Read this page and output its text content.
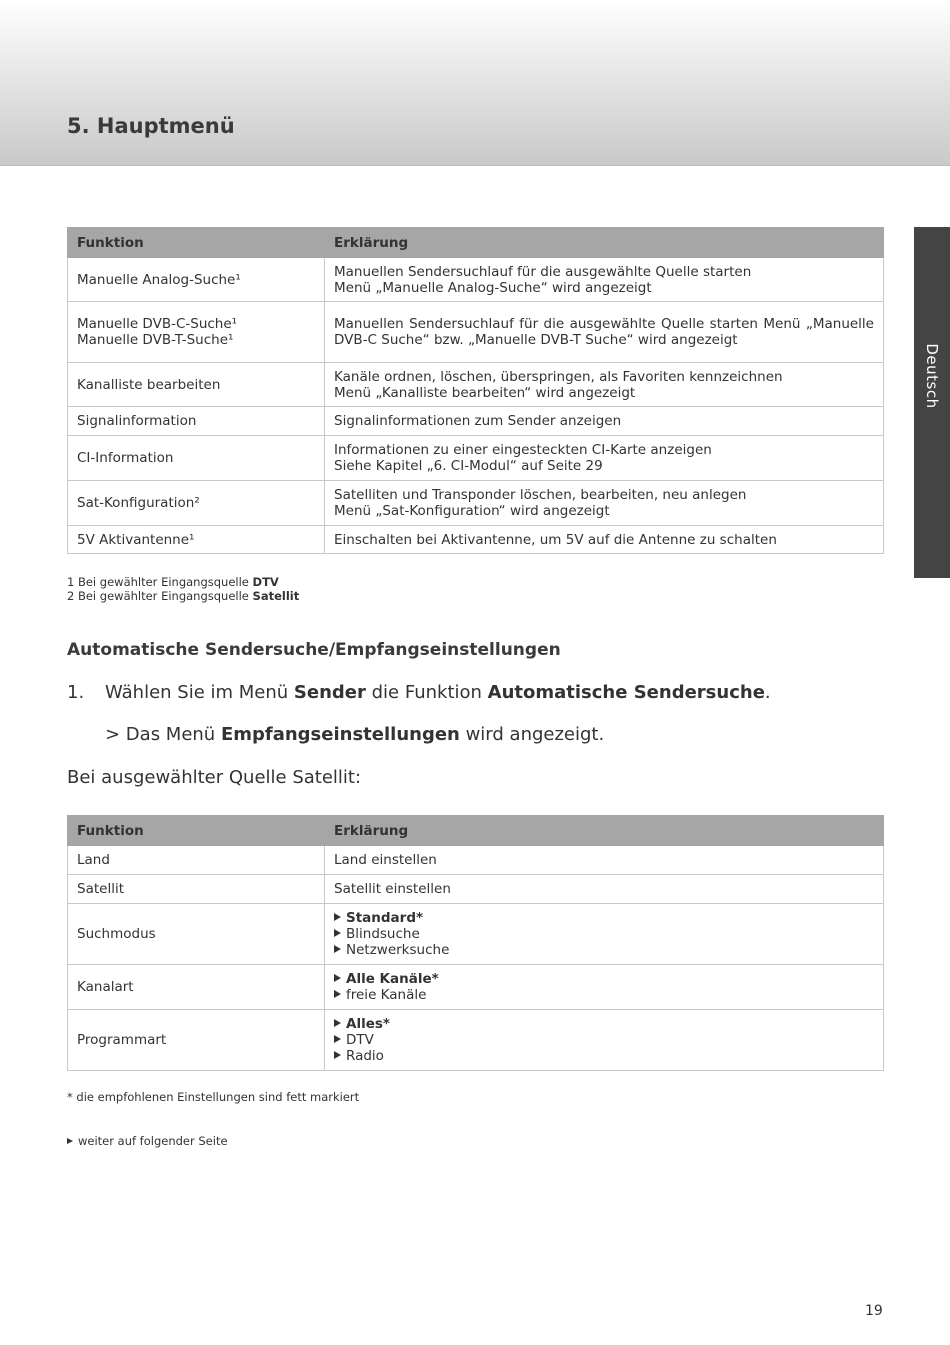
5. Hauptmenü
Deutsch
Funktion	Erklärung

Manuelle Analog-Suche¹	Manuellen Sendersuchlauf für die ausgewählte Quelle starten
Menü „Manuelle Analog-Suche“ wird angezeigt

Manuelle DVB-C-Suche¹
Manuelle DVB-T-Suche¹	Manuellen Sendersuchlauf für die ausgewählte Quelle starten Menü „Manuelle DVB-C Suche“ bzw. „Manuelle DVB-T Suche“ wird angezeigt

Kanalliste bearbeiten	Kanäle ordnen, löschen, überspringen, als Favoriten kennzeichnen
Menü „Kanalliste bearbeiten“ wird angezeigt

Signalinformation	Signalinformationen zum Sender anzeigen

CI-Information	Informationen zu einer eingesteckten CI-Karte anzeigen
Siehe Kapitel „6. CI-Modul“ auf Seite 29

Sat-Konfiguration²	Satelliten und Transponder löschen, bearbeiten, neu anlegen
Menü „Sat-Konfiguration“ wird angezeigt

5V Aktivantenne¹	Einschalten bei Aktivantenne, um 5V auf die Antenne zu schalten
1 Bei gewählter Eingangsquelle DTV
2 Bei gewählter Eingangsquelle Satellit
Automatische Sendersuche/Empfangseinstellungen
1. Wählen Sie im Menü Sender die Funktion Automatische Sendersuche.
> Das Menü Empfangseinstellungen wird angezeigt.
Bei ausgewählter Quelle Satellit:
Funktion	Erklärung
Land	Land einstellen
Satellit	Satellit einstellen
Suchmodus	Standard*
Blindsuche
Netzwerksuche

Kanalart	Alle Kanäle*
freie Kanäle

Programmart	Alles*
DTV
Radio
* die empfohlenen Einstellungen sind fett markiert
weiter auf folgender Seite
19
